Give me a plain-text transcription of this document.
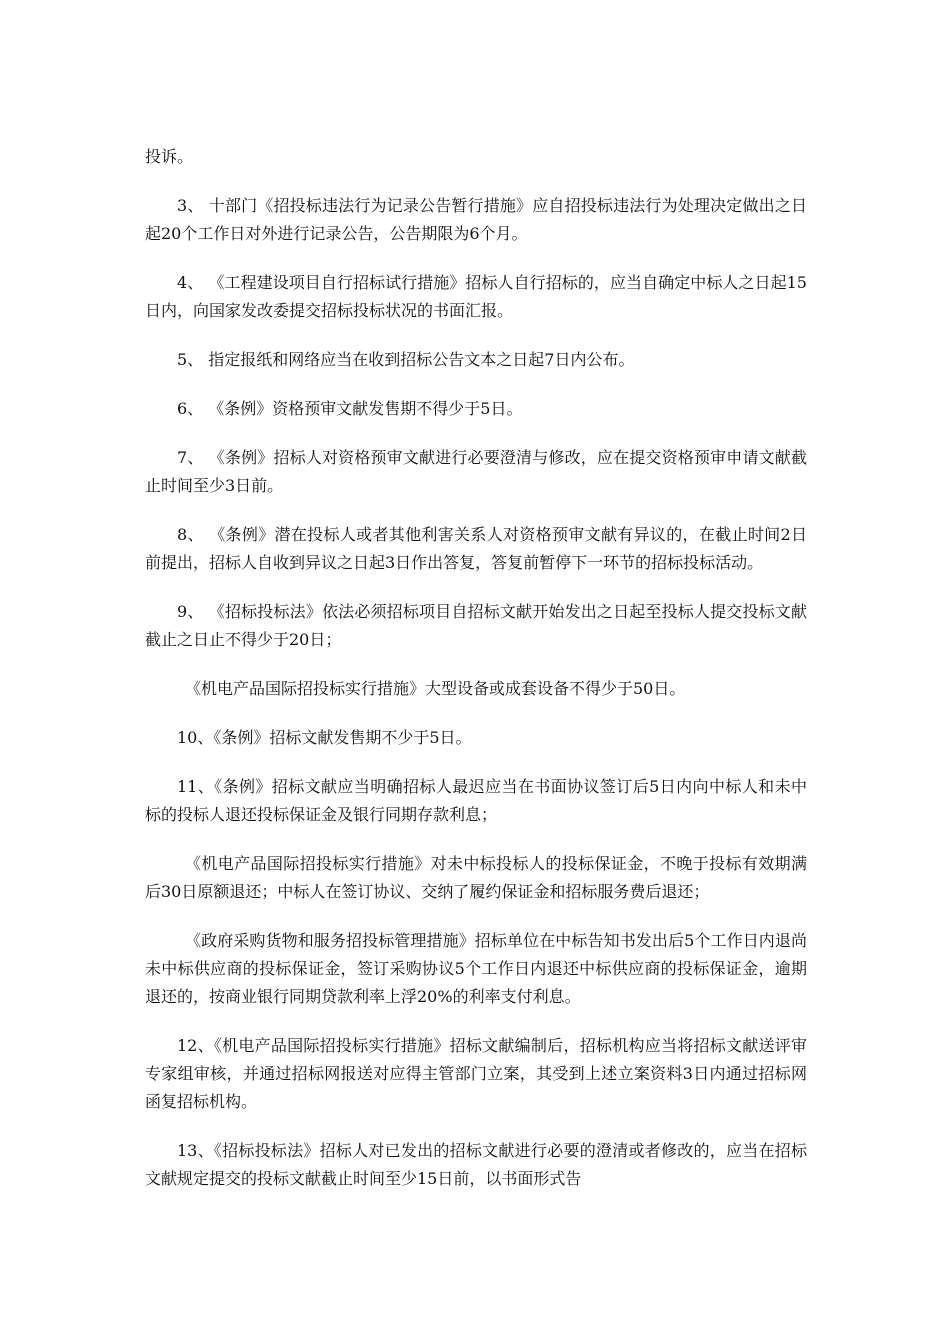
投诉。

3、 十部门《招投标违法行为记录公告暂行措施》应自招投标违法行为处理决定做出之日起20个工作日对外进行记录公告，公告期限为6个月。

4、 《工程建设项目自行招标试行措施》招标人自行招标的，应当自确定中标人之日起15日内，向国家发改委提交招标投标状况的书面汇报。

5、 指定报纸和网络应当在收到招标公告文本之日起7日内公布。

6、 《条例》资格预审文献发售期不得少于5日。

7、 《条例》招标人对资格预审文献进行必要澄清与修改，应在提交资格预审申请文献截止时间至少3日前。

8、 《条例》潜在投标人或者其他利害关系人对资格预审文献有异议的，在截止时间2日前提出，招标人自收到异议之日起3日作出答复，答复前暂停下一环节的招标投标活动。

9、 《招标投标法》依法必须招标项目自招标文献开始发出之日起至投标人提交投标文献截止之日止不得少于20日；

《机电产品国际招投标实行措施》大型设备或成套设备不得少于50日。

10、《条例》招标文献发售期不少于5日。

11、《条例》招标文献应当明确招标人最迟应当在书面协议签订后5日内向中标人和未中标的投标人退还投标保证金及银行同期存款利息；

《机电产品国际招投标实行措施》对未中标投标人的投标保证金，不晚于投标有效期满后30日原额退还；中标人在签订协议、交纳了履约保证金和招标服务费后退还；

《政府采购货物和服务招投标管理措施》招标单位在中标告知书发出后5个工作日内退尚未中标供应商的投标保证金，签订采购协议5个工作日内退还中标供应商的投标保证金，逾期退还的，按商业银行同期贷款利率上浮20%的利率支付利息。

12、《机电产品国际招投标实行措施》招标文献编制后，招标机构应当将招标文献送评审专家组审核，并通过招标网报送对应得主管部门立案，其受到上述立案资料3日内通过招标网函复招标机构。

13、《招标投标法》招标人对已发出的招标文献进行必要的澄清或者修改的，应当在招标文献规定提交的投标文献截止时间至少15日前，以书面形式告
